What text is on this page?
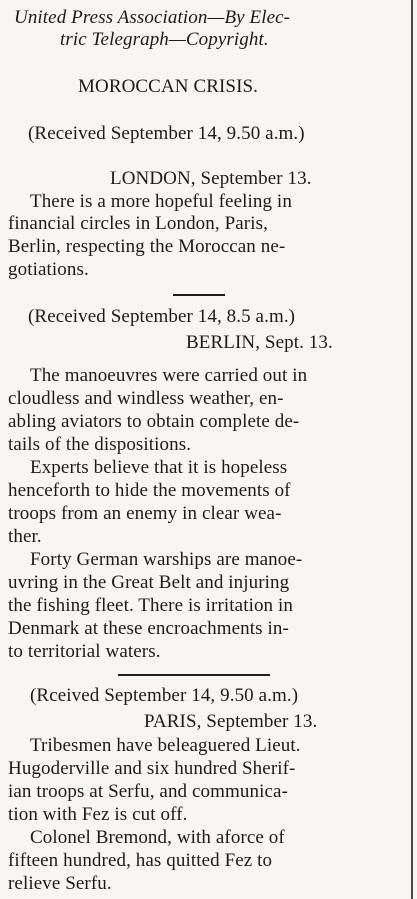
United Press Association—By Elec-
tric Telegraph—Copyright.
MOROCCAN CRISIS.
(Received September 14, 9.50 a.m.)
LONDON, September 13.
There is a more hopeful feeling in
financial circles in London, Paris,
Berlin, respecting the Moroccan ne-
gotiations.
(Received September 14, 8.5 a.m.)
BERLIN, Sept. 13.
The manoeuvres were carried out in
cloudless and windless weather, en-
abling aviators to obtain complete de-
tails of the dispositions.
Experts believe that it is hopeless
henceforth to hide the movements of
troops from an enemy in clear wea-
ther.
Forty German warships are manoe-
uvring in the Great Belt and injuring
the fishing fleet. There is irritation in
Denmark at these encroachments in-
to territorial waters.
(Rceived September 14, 9.50 a.m.)
PARIS, September 13.
Tribesmen have beleaguered Lieut.
Hugoderville and six hundred Sherif-
ian troops at Serfu, and communica-
tion with Fez is cut off.
Colonel Bremond, with aforce of
fifteen hundred, has quitted Fez to
relieve Serfu.
